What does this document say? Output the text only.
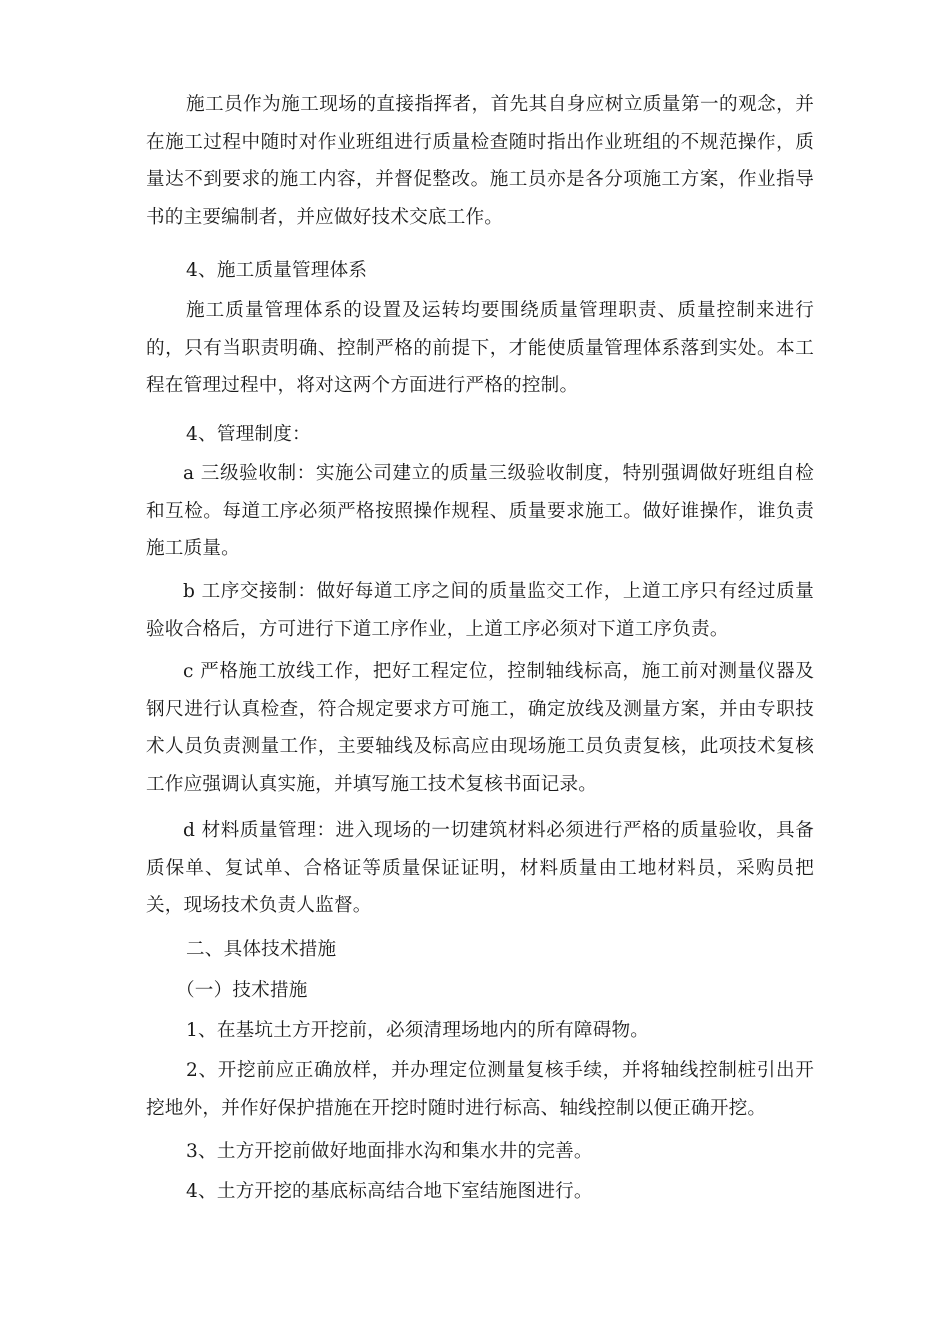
施工员作为施工现场的直接指挥者，首先其自身应树立质量第一的观念，并在施工过程中随时对作业班组进行质量检查随时指出作业班组的不规范操作，质量达不到要求的施工内容，并督促整改。施工员亦是各分项施工方案，作业指导书的主要编制者，并应做好技术交底工作。

4、施工质量管理体系

施工质量管理体系的设置及运转均要围绕质量管理职责、质量控制来进行的，只有当职责明确、控制严格的前提下，才能使质量管理体系落到实处。本工程在管理过程中，将对这两个方面进行严格的控制。

4、管理制度：

a 三级验收制：实施公司建立的质量三级验收制度，特别强调做好班组自检和互检。每道工序必须严格按照操作规程、质量要求施工。做好谁操作，谁负责施工质量。

b 工序交接制：做好每道工序之间的质量监交工作，上道工序只有经过质量验收合格后，方可进行下道工序作业，上道工序必须对下道工序负责。

c 严格施工放线工作，把好工程定位，控制轴线标高，施工前对测量仪器及钢尺进行认真检查，符合规定要求方可施工，确定放线及测量方案，并由专职技术人员负责测量工作，主要轴线及标高应由现场施工员负责复核，此项技术复核工作应强调认真实施，并填写施工技术复核书面记录。

d 材料质量管理：进入现场的一切建筑材料必须进行严格的质量验收，具备质保单、复试单、合格证等质量保证证明，材料质量由工地材料员，采购员把关，现场技术负责人监督。

二、具体技术措施

（一）技术措施

1、在基坑土方开挖前，必须清理场地内的所有障碍物。

2、开挖前应正确放样，并办理定位测量复核手续，并将轴线控制桩引出开挖地外，并作好保护措施在开挖时随时进行标高、轴线控制以便正确开挖。

3、土方开挖前做好地面排水沟和集水井的完善。

4、土方开挖的基底标高结合地下室结施图进行。
